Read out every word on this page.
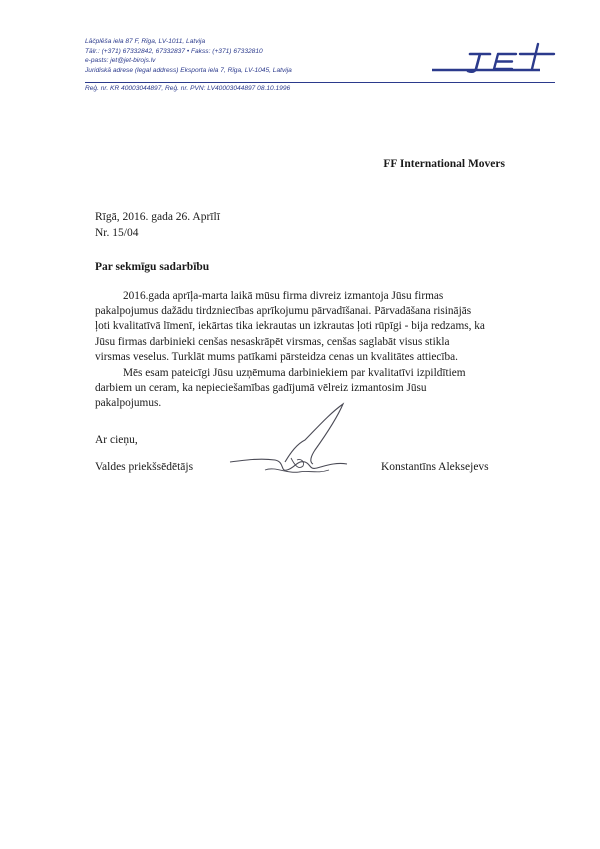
Lāčplēša iela 87 F, Rīga, LV-1011, Latvija
Tālr.: (+371) 67332842, 67332837 • Fakss: (+371) 67332810
e-pasts: jet@jet-birojs.lv
Juridiskā adrese (legal address) Eksporta iela 7, Rīga, LV-1045, Latvija
Reģ. nr. KR 40003044897, Reģ. nr. PVN: LV40003044897 08.10.1996
FF International Movers
Rīgā, 2016. gada 26. Aprīlī
Nr. 15/04
Par sekmīgu sadarbību
2016.gada aprīļa-marta laikā mūsu firma divreiz izmantoja Jūsu firmas
pakalpojumus dažādu tirdzniecības aprīkojumu pārvadīšanai. Pārvadāšana risinājās
ļoti kvalitatīvā līmenī, iekārtas tika iekrautas un izkrautas ļoti rūpīgi - bija redzams, ka
Jūsu firmas darbinieki cenšas nesaskrāpēt virsmas, cenšas saglabāt visus stikla
virsmas veselus. Turklāt mums patīkami pārsteidza cenas un kvalitātes attiecība.
Mēs esam pateicīgi Jūsu uzņēmuma darbiniekiem par kvalitatīvi izpildītiem
darbiem un ceram, ka nepieciešamības gadījumā vēlreiz izmantosim Jūsu
pakalpojumus.
Ar cieņu,
Valdes priekšsēdētājs	Konstantīns Aleksejevs
